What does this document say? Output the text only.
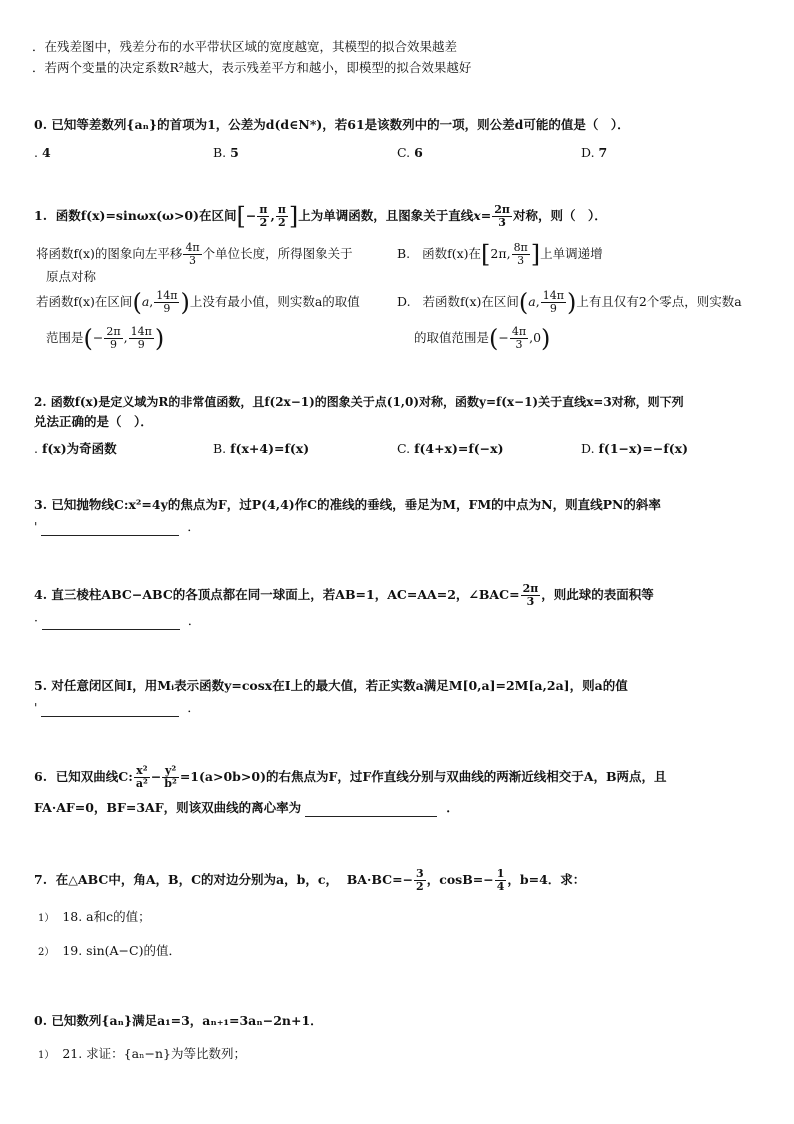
．在残差图中，残差分布的水平带状区域的宽度越宽，其模型的拟合效果越差
．若两个变量的决定系数R²越大，表示残差平方和越小，即模型的拟合效果越好
0. 已知等差数列{aₙ}的首项为1，公差为d(d∈N*)，若61是该数列中的一项，则公差d可能的值是（　）．
. 4	B. 5	C. 6	D. 7
1. 函数f(x)=sinωx(ω>0)在区间[− $\frac{\pi}{2}$ , $\frac{\pi}{2}$ ]上为单调函数，且图象关于直线$x= \frac{2\pi}{3}$ 对称，则（　）．
将函数f(x)的图象向左平移 $\frac{4\pi}{3}$ 个单位长度，所得图象关于
原点对称
B.   函数f(x)在[2π, $\frac{8\pi}{3}$ ]上单调递增
若函数f(x)在区间(a, $\frac{14\pi}{9}$ )上没有最小值，则实数a的取值
范围是(− $\frac{2\pi}{9}$ , $\frac{14\pi}{9}$ )
D.   若函数f(x)在区间(a, $\frac{14\pi}{9}$ )上有且仅有2个零点，则实数a
的取值范围是(− $\frac{4\pi}{3} ,0$)
2. 函数f(x)是定义域为R的非常值函数，且f(2x−1)的图象关于点(1,0)对称，函数y=f(x−1)关于直线x=3对称，则下列
兑法正确的是（　）．
. f(x)为奇函数	B. f(x+4)=f(x)	C. f(4+x)=f(−x)	D. f(1−x)=−f(x)
3. 已知抛物线C:x²=4y的焦点为F，过P(4,4)作C的准线的垂线，垂足为M，FM的中点为N，则直线PN的斜率
'	．
4. 直三棱柱ABC−ABC的各顶点都在同一球面上，若AB=1，AC=AA=2，∠BAC= $\frac{2\pi}{3}$ ，则此球的表面积等
·	．
5. 对任意闭区间I，用Mᵢ表示函数y=cosx在I上的最大值，若正实数a满足M[0,a]=2M[a,2a]，则a的值
'	．
6. 已知双曲线C: $\frac{\text{x²}}{\text{a²}} - \frac{\text{y²}}{\text{b²}} =1(a>0b>0)$的右焦点为F，过F作直线分别与双曲线的两渐近线相交于A，B两点，且
FA·AF=0，BF=3AF，则该双曲线的离心率为	．
7. 在△ABC中，角A，B，C的对边分别为a，b，c， $BA\cdot BC=- \frac{3}{2}$ ，$\cos B=- \frac{1}{4}$ ，b=4．求：
1） 18. a和c的值；
2） 19. sin(A−C)的值．
0. 已知数列{aₙ}满足a₁=3，aₙ₊₁=3aₙ−2n+1．
1） 21. 求证：{aₙ−n}为等比数列；
